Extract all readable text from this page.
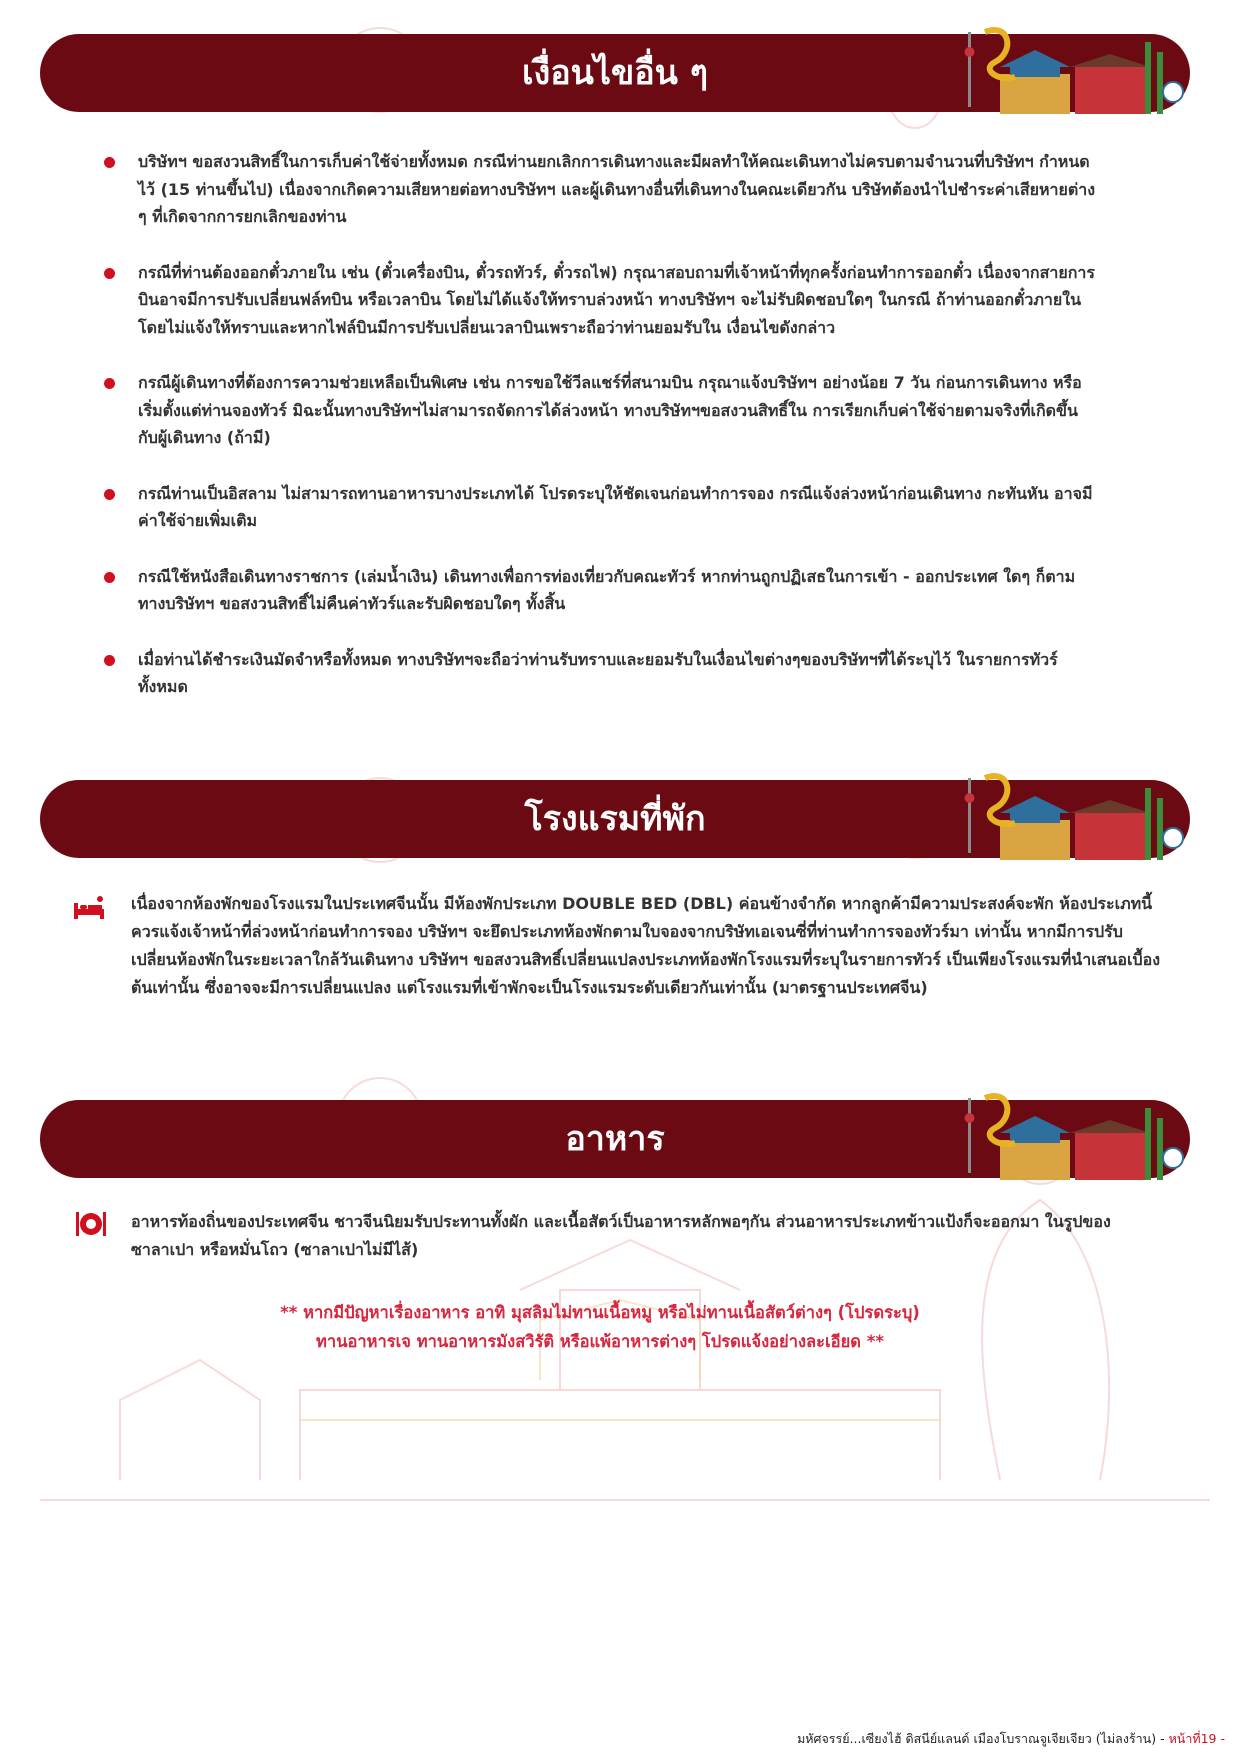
เงื่อนไขอื่น ๆ
บริษัทฯ ขอสงวนสิทธิ์ในการเก็บค่าใช้จ่ายทั้งหมด กรณีท่านยกเลิกการเดินทางและมีผลทำให้คณะเดินทางไม่ครบตามจำนวนที่บริษัทฯ กำหนดไว้ (15 ท่านขึ้นไป) เนื่องจากเกิดความเสียหายต่อทางบริษัทฯ และผู้เดินทางอื่นที่เดินทางในคณะเดียวกัน บริษัทต้องนำไปชำระค่าเสียหายต่าง ๆ ที่เกิดจากการยกเลิกของท่าน
กรณีที่ท่านต้องออกตั๋วภายใน เช่น (ตั๋วเครื่องบิน, ตั๋วรถทัวร์, ตั๋วรถไฟ) กรุณาสอบถามที่เจ้าหน้าที่ทุกครั้งก่อนทำการออกตั๋ว เนื่องจากสายการบินอาจมีการปรับเปลี่ยนฟล์ทบิน หรือเวลาบิน โดยไม่ได้แจ้งให้ทราบล่วงหน้า ทางบริษัทฯ จะไม่รับผิดชอบใดๆ ในกรณี ถ้าท่านออกตั๋วภายในโดยไม่แจ้งให้ทราบและหากไฟล์บินมีการปรับเปลี่ยนเวลาบินเพราะถือว่าท่านยอมรับใน เงื่อนไขดังกล่าว
กรณีผู้เดินทางที่ต้องการความช่วยเหลือเป็นพิเศษ เช่น การขอใช้วีลแชร์ที่สนามบิน กรุณาแจ้งบริษัทฯ อย่างน้อย 7 วัน ก่อนการเดินทาง หรือเริ่มตั้งแต่ท่านจองทัวร์ มิฉะนั้นทางบริษัทฯไม่สามารถจัดการได้ล่วงหน้า ทางบริษัทฯขอสงวนสิทธิ์ใน การเรียกเก็บค่าใช้จ่ายตามจริงที่เกิดขึ้นกับผู้เดินทาง (ถ้ามี)
กรณีท่านเป็นอิสลาม ไม่สามารถทานอาหารบางประเภทได้ โปรดระบุให้ชัดเจนก่อนทำการจอง กรณีแจ้งล่วงหน้าก่อนเดินทาง กะทันหัน อาจมีค่าใช้จ่ายเพิ่มเติม
กรณีใช้หนังสือเดินทางราชการ (เล่มน้ำเงิน) เดินทางเพื่อการท่องเที่ยวกับคณะทัวร์ หากท่านถูกปฏิเสธในการเข้า - ออกประเทศ ใดๆ ก็ตาม ทางบริษัทฯ ขอสงวนสิทธิ์ไม่คืนค่าทัวร์และรับผิดชอบใดๆ ทั้งสิ้น
เมื่อท่านได้ชำระเงินมัดจำหรือทั้งหมด ทางบริษัทฯจะถือว่าท่านรับทราบและยอมรับในเงื่อนไขต่างๆของบริษัทฯที่ได้ระบุไว้ ในรายการทัวร์ทั้งหมด
โรงแรมที่พัก
เนื่องจากห้องพักของโรงแรมในประเทศจีนนั้น มีห้องพักประเภท DOUBLE BED (DBL) ค่อนข้างจำกัด หากลูกค้ามีความประสงค์จะพัก ห้องประเภทนี้ ควรแจ้งเจ้าหน้าที่ล่วงหน้าก่อนทำการจอง บริษัทฯ จะยึดประเภทห้องพักตามใบจองจากบริษัทเอเจนซี่ที่ท่านทำการจองทัวร์มา เท่านั้น หากมีการปรับเปลี่ยนห้องพักในระยะเวลาใกล้วันเดินทาง บริษัทฯ ขอสงวนสิทธิ์เปลี่ยนแปลงประเภทห้องพักโรงแรมที่ระบุในรายการทัวร์ เป็นเพียงโรงแรมที่นำเสนอเบื้องต้นเท่านั้น ซึ่งอาจจะมีการเปลี่ยนแปลง แต่โรงแรมที่เข้าพักจะเป็นโรงแรมระดับเดียวกันเท่านั้น (มาตรฐานประเทศจีน)
อาหาร
อาหารท้องถิ่นของประเทศจีน ชาวจีนนิยมรับประทานทั้งผัก และเนื้อสัตว์เป็นอาหารหลักพอๆกัน ส่วนอาหารประเภทข้าวแป้งก็จะออกมา ในรูปของซาลาเปา หรือหมั่นโถว (ซาลาเปาไม่มีไส้)
** หากมีปัญหาเรื่องอาหาร อาทิ มุสลิมไม่ทานเนื้อหมู หรือไม่ทานเนื้อสัตว์ต่างๆ (โปรดระบุ)
ทานอาหารเจ ทานอาหารมังสวิรัติ หรือแพ้อาหารต่างๆ โปรดแจ้งอย่างละเอียด **
มหัศจรรย์...เซียงไฮ้ ดิสนีย์แลนด์ เมืองโบราณจูเจียเจียว (ไม่ลงร้าน) - หน้าที่19 -
